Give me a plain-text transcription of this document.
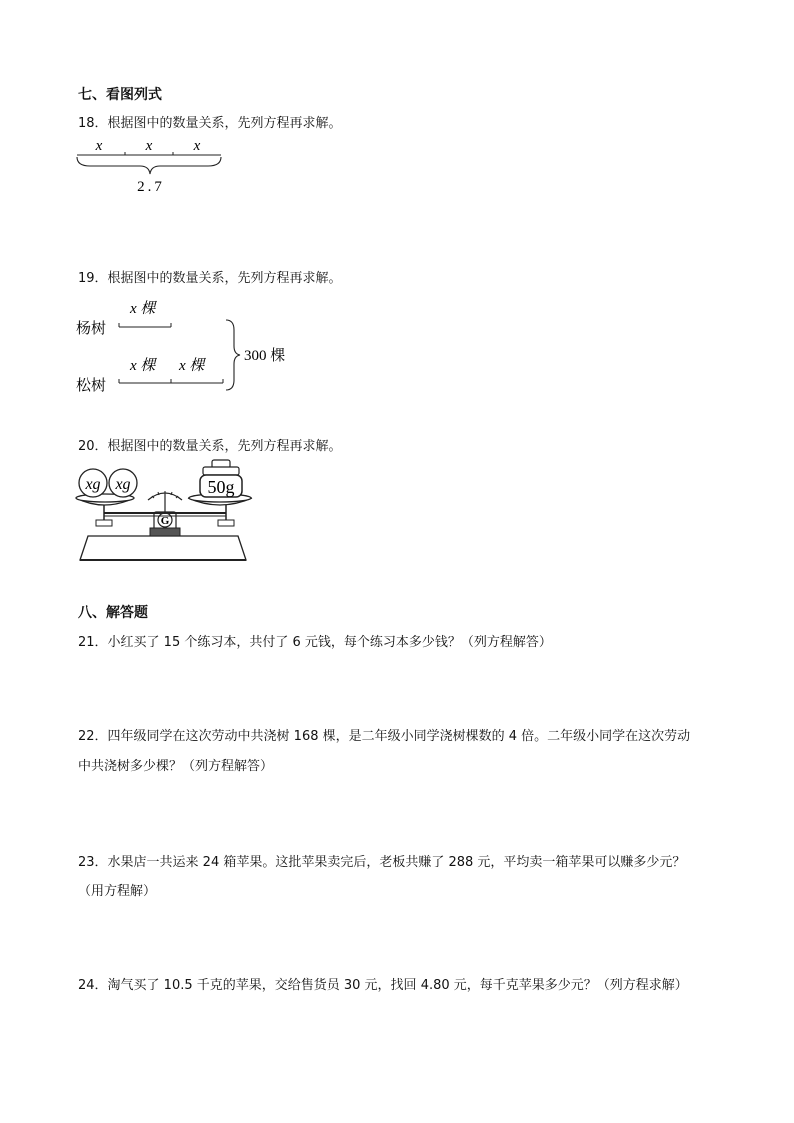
七、看图列式
18．根据图中的数量关系，先列方程再求解。
x	x	x
2.7
19．根据图中的数量关系，先列方程再求解。
杨树
松树
x 棵
x 棵 x 棵
300 棵
20．根据图中的数量关系，先列方程再求解。
G
xg xg	50g
八、解答题
21．小红买了 15 个练习本，共付了 6 元钱，每个练习本多少钱？（列方程解答）
22．四年级同学在这次劳动中共浇树 168 棵，是二年级小同学浇树棵数的 4 倍。二年级小同学在这次劳动
中共浇树多少棵？（列方程解答）
23．水果店一共运来 24 箱苹果。这批苹果卖完后，老板共赚了 288 元，平均卖一箱苹果可以赚多少元？
（用方程解）
24．淘气买了 10.5 千克的苹果，交给售货员 30 元，找回 4.80 元，每千克苹果多少元？（列方程求解）
